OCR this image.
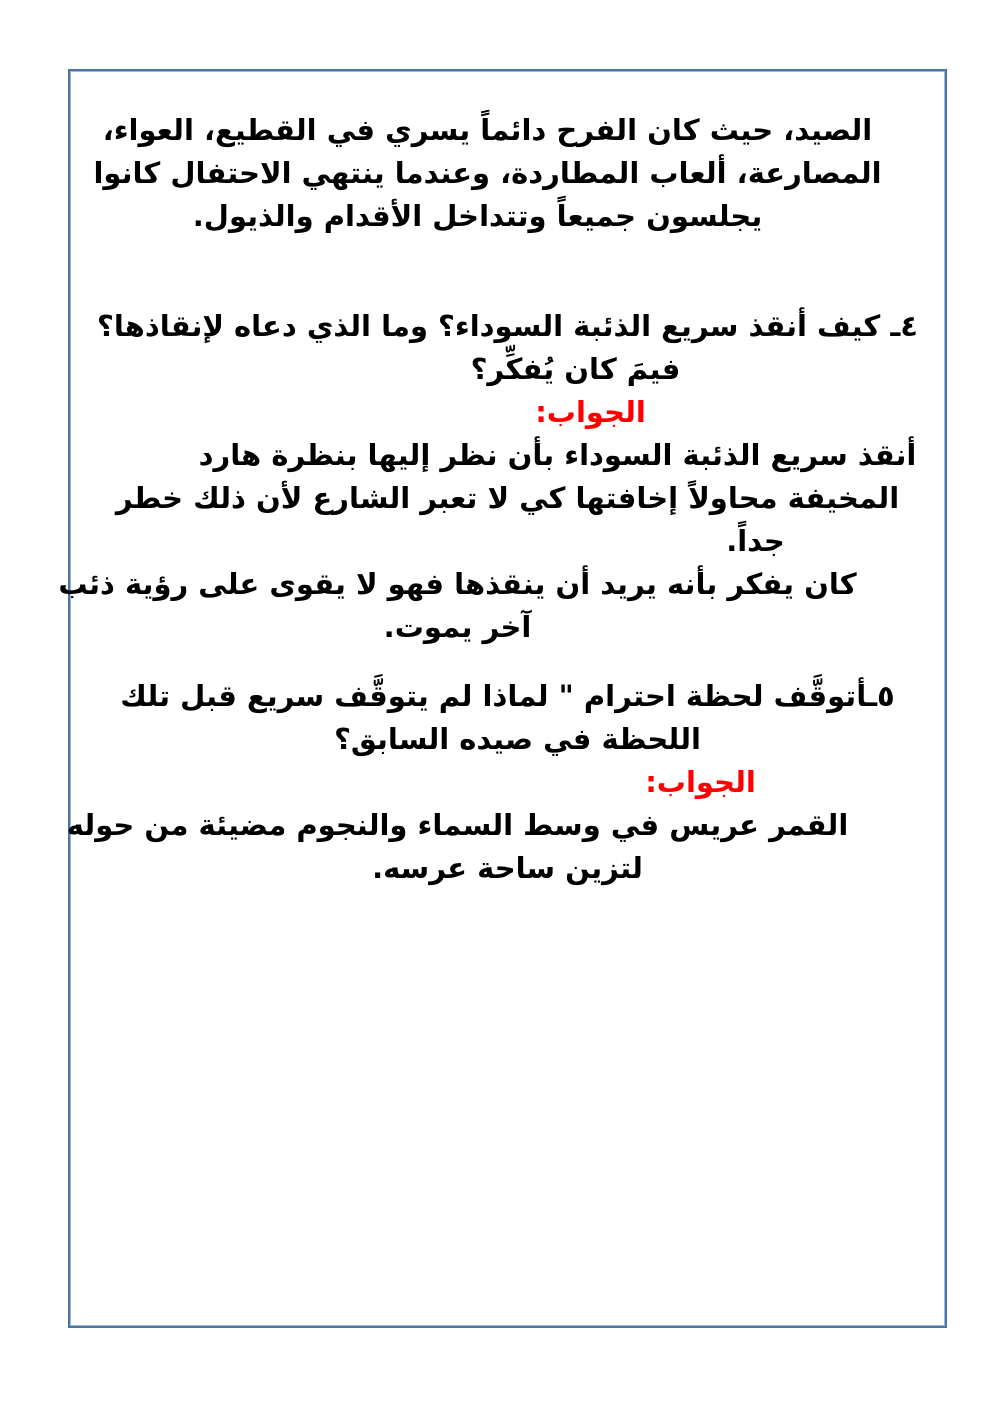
الصيد، حيث كان الفرح دائماً يسري في القطيع، العواء،
المصارعة، ألعاب المطاردة، وعندما ينتهي الاحتفال كانوا
يجلسون جميعاً وتتداخل الأقدام والذيول.
٤ـ كيف أنقذ سريع الذئبة السوداء؟ وما الذي دعاه لإنقاذها؟
فيمَ كان يُفكِّر؟
الجواب:
أنقذ سريع الذئبة السوداء بأن نظر إليها بنظرة هارد
المخيفة محاولاً إخافتها كي لا تعبر الشارع لأن ذلك خطر
جداً.
كان يفكر بأنه يريد أن ينقذها فهو لا يقوى على رؤية ذئب
آخر يموت.
٥ـأتوقَّف لحظة احترام " لماذا لم يتوقَّف سريع قبل تلك
اللحظة في صيده السابق؟
الجواب:
القمر عريس في وسط السماء والنجوم مضيئة من حوله
لتزين ساحة عرسه.
